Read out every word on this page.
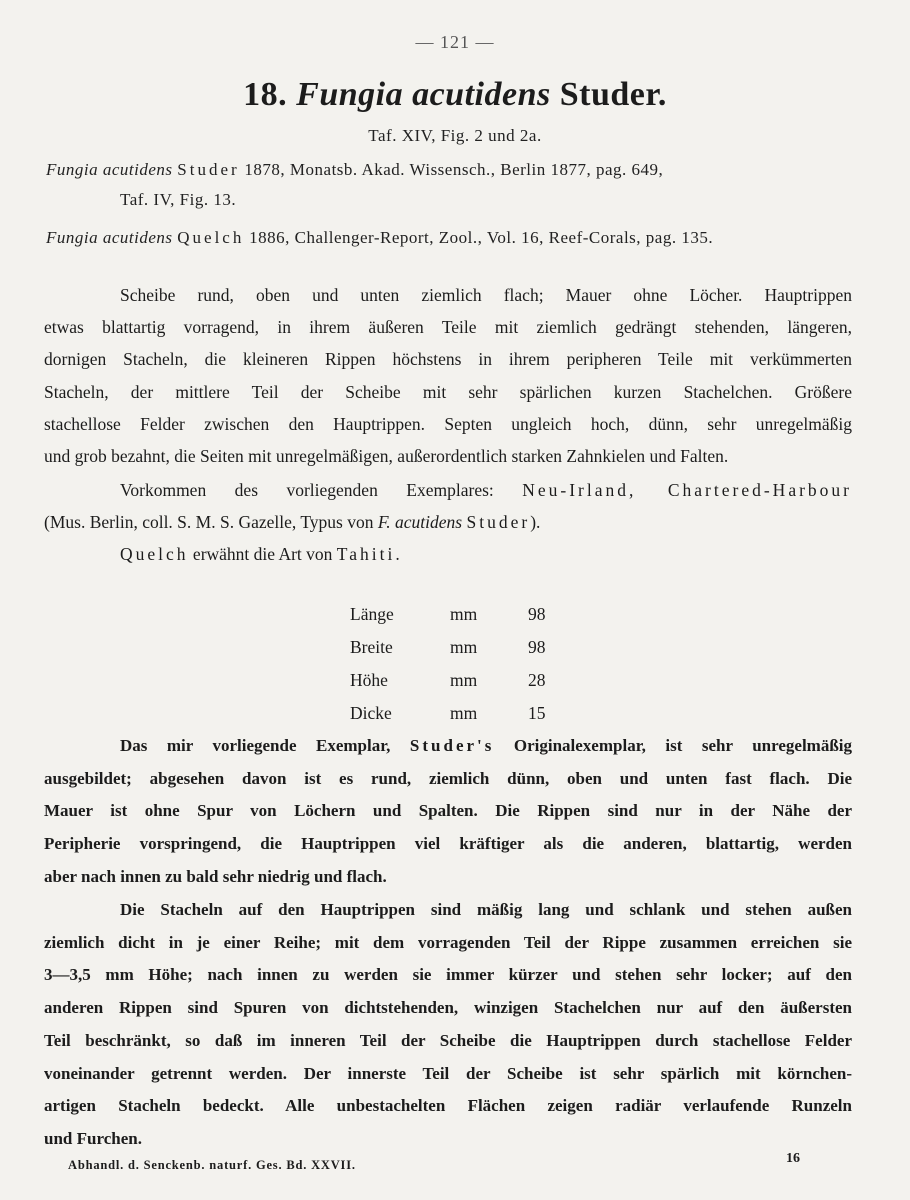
— 121 —
18. Fungia acutidens Studer.
Taf. XIV, Fig. 2 und 2a.
Fungia acutidens Studer 1878, Monatsb. Akad. Wissensch., Berlin 1877, pag. 649,
Taf. IV, Fig. 13.
Fungia acutidens Quelch 1886, Challenger-Report, Zool., Vol. 16, Reef-Corals, pag. 135.
Scheibe rund, oben und unten ziemlich flach; Mauer ohne Löcher. Hauptrippen
etwas blattartig vorragend, in ihrem äußeren Teile mit ziemlich gedrängt stehenden, längeren,
dornigen Stacheln, die kleineren Rippen höchstens in ihrem peripheren Teile mit verkümmerten
Stacheln, der mittlere Teil der Scheibe mit sehr spärlichen kurzen Stachelchen. Größere
stachellose Felder zwischen den Hauptrippen. Septen ungleich hoch, dünn, sehr unregelmäßig

und grob bezahnt, die Seiten mit unregelmäßigen, außerordentlich starken Zahnkielen und Falten.
Vorkommen des vorliegenden Exemplares: Neu-Irland, Chartered-Harbour
(Mus. Berlin, coll. S. M. S. Gazelle, Typus von F. acutidens Studer).
Quelch erwähnt die Art von Tahiti.
Länge	mm	98
Breite	mm	98
Höhe	mm	28
Dicke	mm	15
Das mir vorliegende Exemplar, Studer's Originalexemplar, ist sehr unregelmäßig
ausgebildet; abgesehen davon ist es rund, ziemlich dünn, oben und unten fast flach. Die
Mauer ist ohne Spur von Löchern und Spalten. Die Rippen sind nur in der Nähe der
Peripherie vorspringend, die Hauptrippen viel kräftiger als die anderen, blattartig, werden

aber nach innen zu bald sehr niedrig und flach.
Die Stacheln auf den Hauptrippen sind mäßig lang und schlank und stehen außen
ziemlich dicht in je einer Reihe; mit dem vorragenden Teil der Rippe zusammen erreichen sie
3—3,5 mm Höhe; nach innen zu werden sie immer kürzer und stehen sehr locker; auf den
anderen Rippen sind Spuren von dichtstehenden, winzigen Stachelchen nur auf den äußersten
Teil beschränkt, so daß im inneren Teil der Scheibe die Hauptrippen durch stachellose Felder
voneinander getrennt werden. Der innerste Teil der Scheibe ist sehr spärlich mit körnchen-
artigen Stacheln bedeckt. Alle unbestachelten Flächen zeigen radiär verlaufende Runzeln

und Furchen.
Abhandl. d. Senckenb. naturf. Ges. Bd. XXVII.	16
